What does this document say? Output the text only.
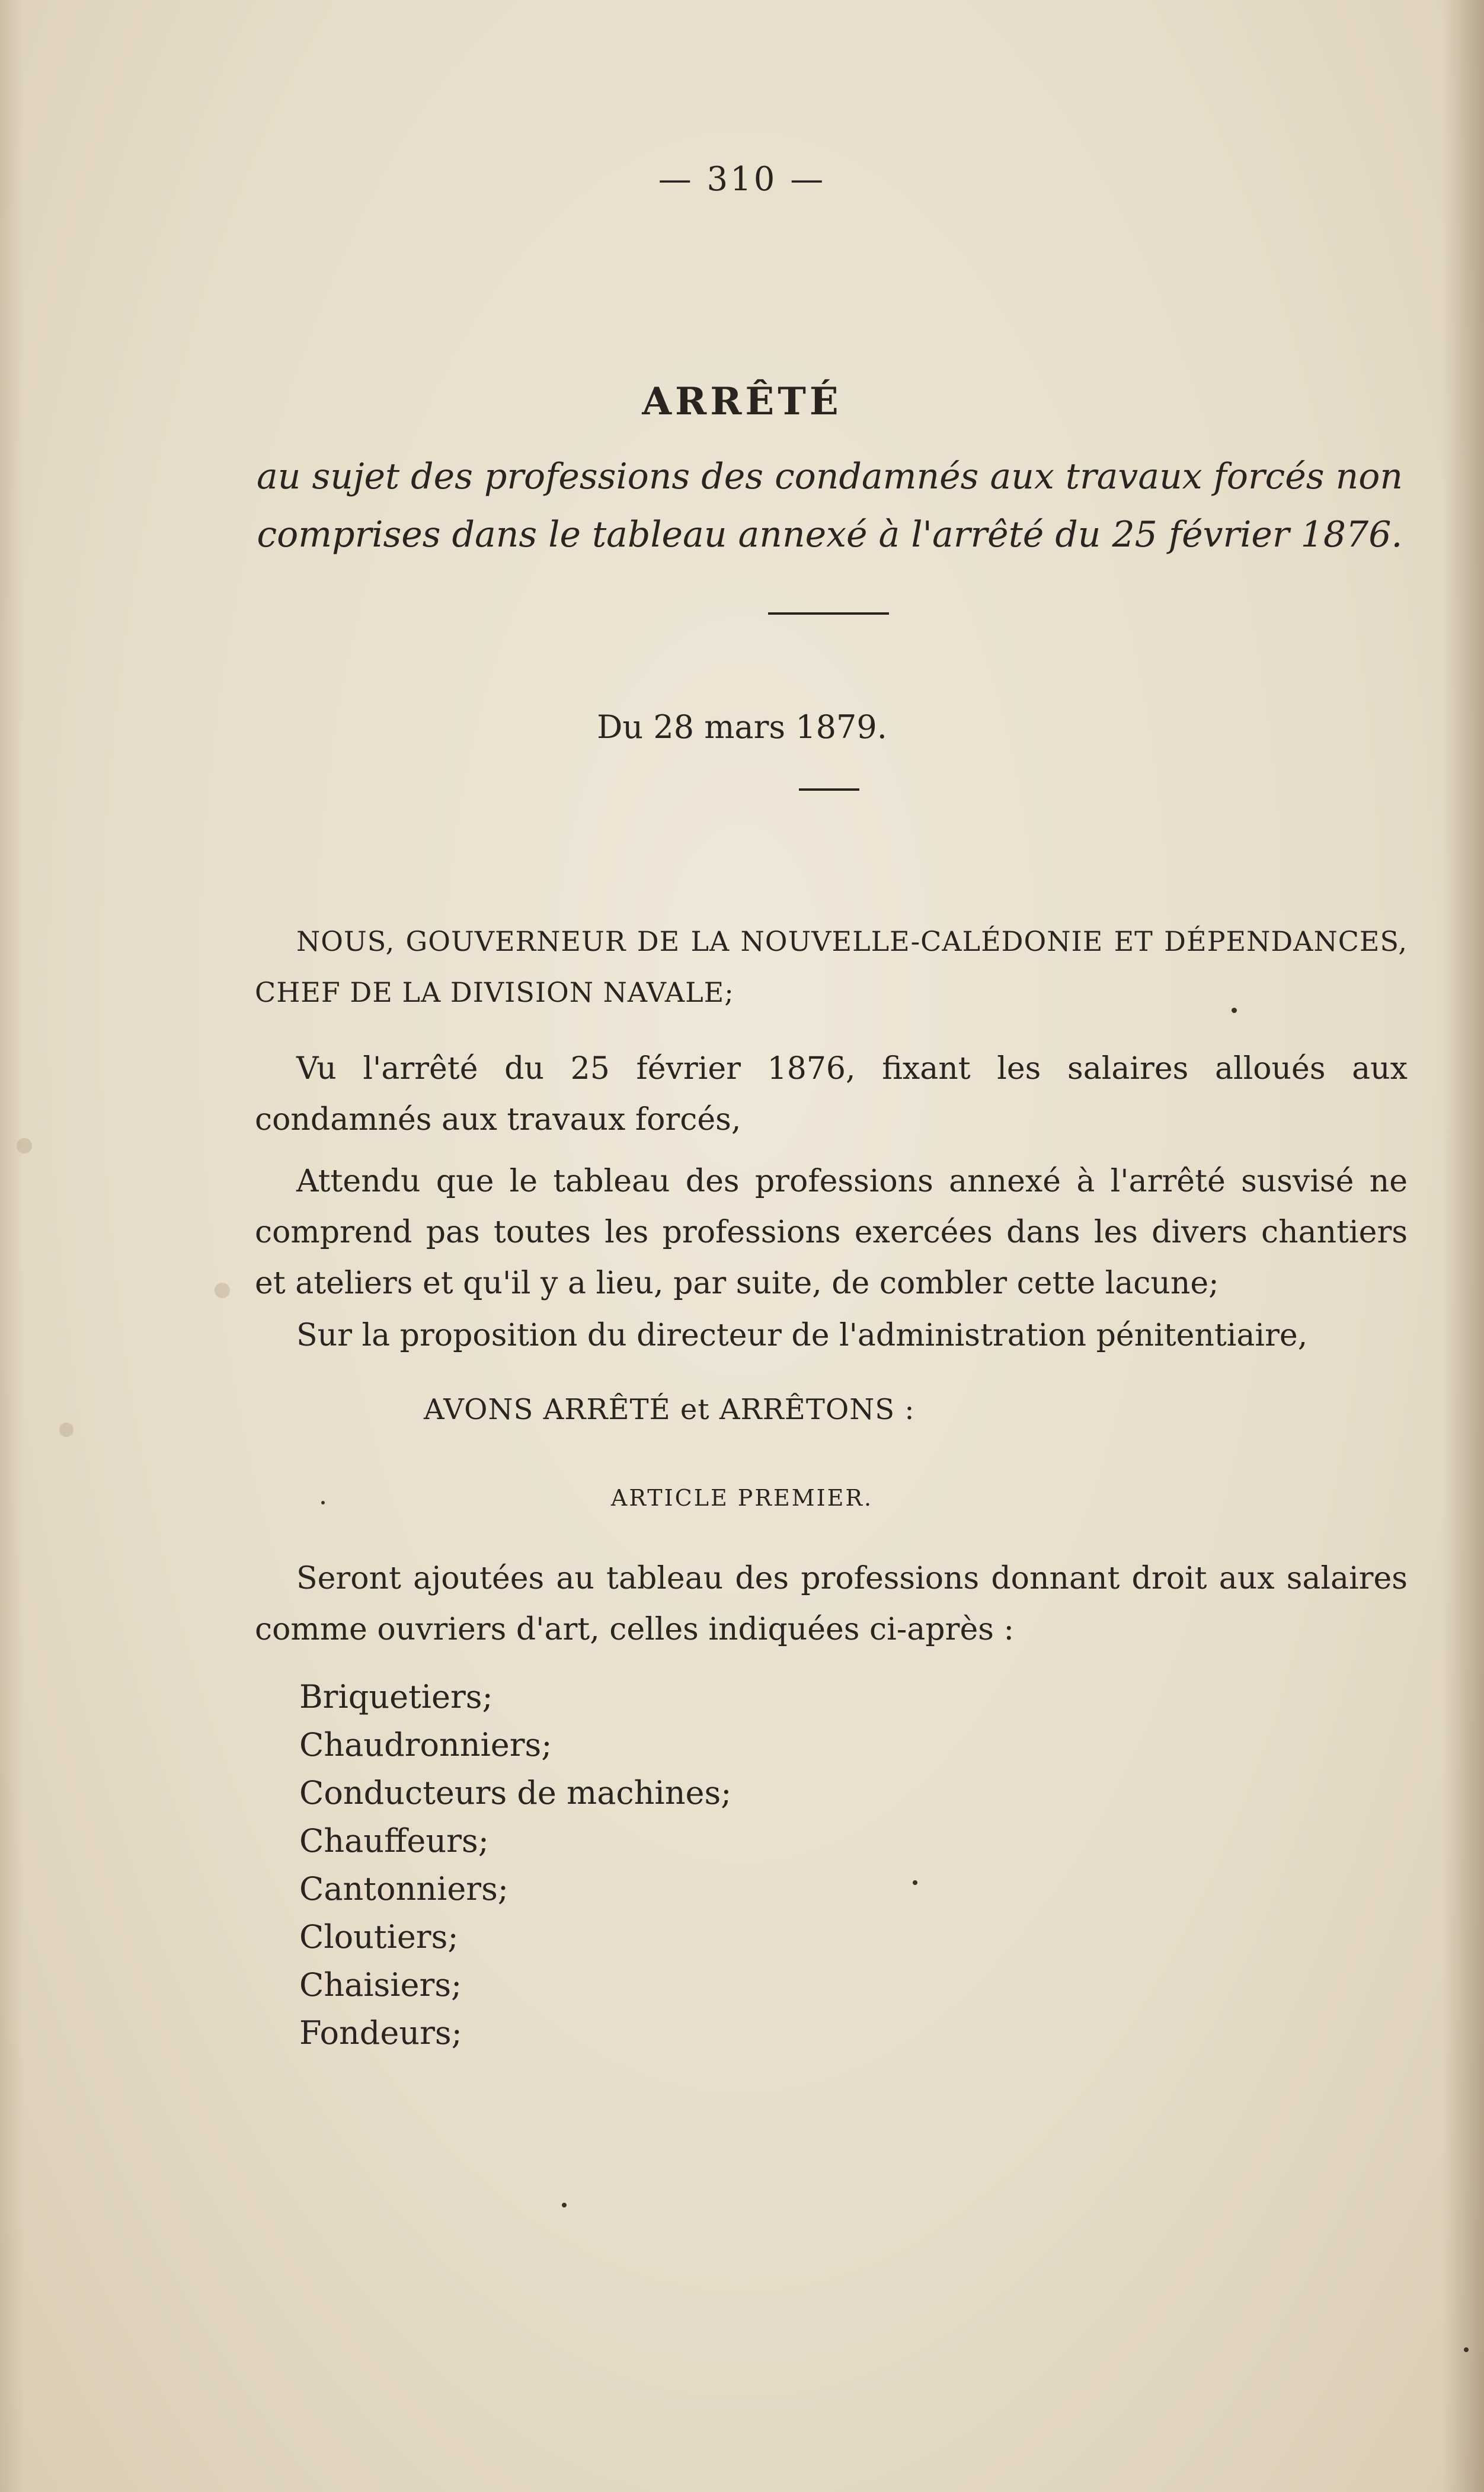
— 310 —
ARRÊTÉ
au sujet des professions des condamnés aux travaux forcés non comprises dans le tableau annexé à l'arrêté du 25 février 1876.
Du 28 mars 1879.
NOUS, GOUVERNEUR DE LA NOUVELLE-CALÉDONIE ET DÉPENDANCES, CHEF DE LA DIVISION NAVALE;
Vu l'arrêté du 25 février 1876, fixant les salaires alloués aux condamnés aux travaux forcés,
Attendu que le tableau des professions annexé à l'arrêté susvisé ne comprend pas toutes les professions exercées dans les divers chantiers et ateliers et qu'il y a lieu, par suite, de combler cette lacune;
Sur la proposition du directeur de l'administration pénitentiaire,
AVONS ARRÊTÉ et ARRÊTONS :
ARTICLE PREMIER.
Seront ajoutées au tableau des professions donnant droit aux salaires comme ouvriers d'art, celles indiquées ci-après :
Briquetiers;
Chaudronniers;
Conducteurs de machines;
Chauffeurs;
Cantonniers;
Cloutiers;
Chaisiers;
Fondeurs;
